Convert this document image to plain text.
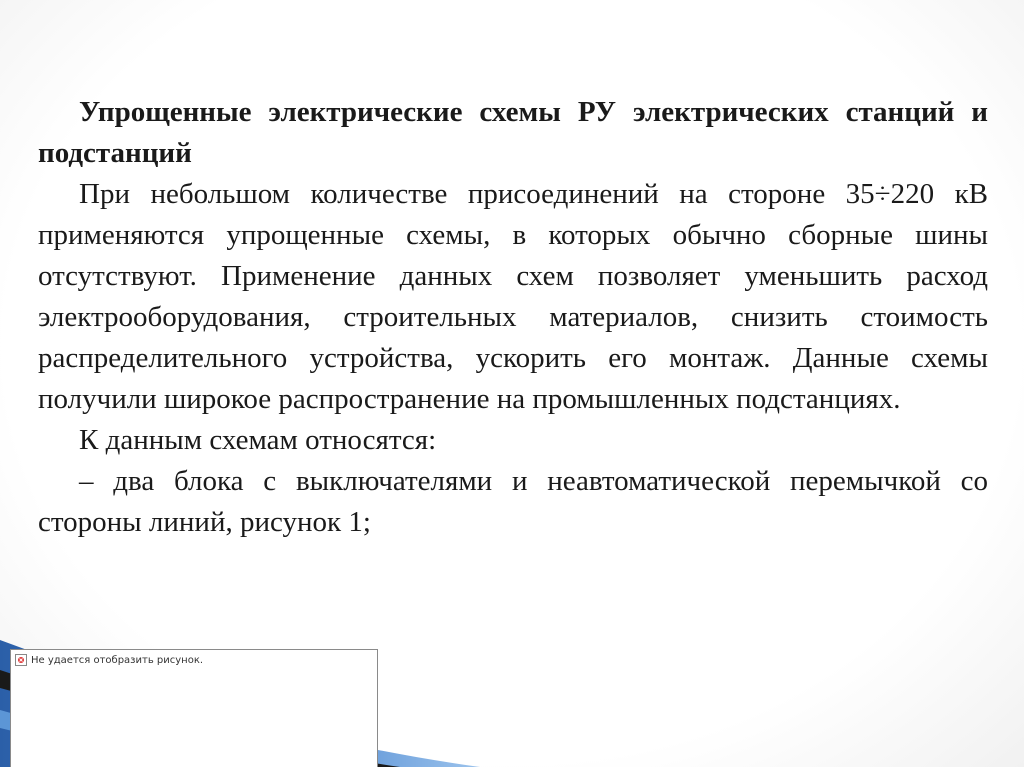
Упрощенные электрические схемы РУ электрических станций и подстанций

При небольшом количестве присоединений на стороне 35÷220 кВ применяются упрощенные схемы, в которых обычно сборные шины отсутствуют. Применение данных схем позволяет уменьшить расход электрооборудования, строительных материалов, снизить стоимость распределительного устройства, ускорить его монтаж. Данные схемы получили широкое распространение на промышленных подстанциях.

К данным схемам относятся:

– два блока с выключателями и неавтоматической перемычкой со стороны линий, рисунок 1;

Не удается отобразить рисунок.
